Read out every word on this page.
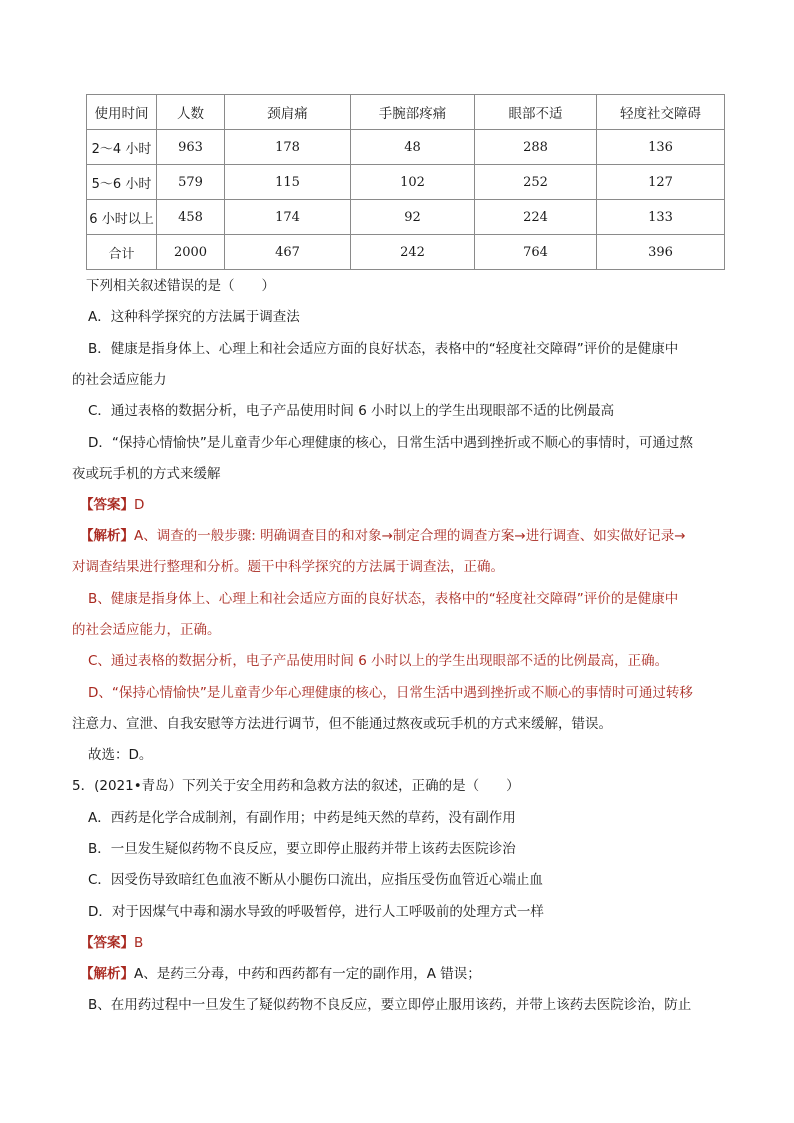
使用时间	人数	颈肩痛	手腕部疼痛	眼部不适	轻度社交障碍
2～4 小时	963	178	48	288	136
5～6 小时	579	115	102	252	127
6 小时以上	458	174	92	224	133
合计	2000	467	242	764	396
下列相关叙述错误的是（　　）
A．这种科学探究的方法属于调查法
B．健康是指身体上、心理上和社会适应方面的良好状态，表格中的“轻度社交障碍”评价的是健康中
的社会适应能力
C．通过表格的数据分析，电子产品使用时间 6 小时以上的学生出现眼部不适的比例最高
D．“保持心情愉快”是儿童青少年心理健康的核心，日常生活中遇到挫折或不顺心的事情时，可通过熬
夜或玩手机的方式来缓解
【答案】D
【解析】A、调查的一般步骤: 明确调查目的和对象→制定合理的调查方案→进行调查、如实做好记录→
对调查结果进行整理和分析。题干中科学探究的方法属于调查法，正确。
B、健康是指身体上、心理上和社会适应方面的良好状态，表格中的“轻度社交障碍”评价的是健康中
的社会适应能力，正确。
C、通过表格的数据分析，电子产品使用时间 6 小时以上的学生出现眼部不适的比例最高，正确。
D、“保持心情愉快”是儿童青少年心理健康的核心，日常生活中遇到挫折或不顺心的事情时可通过转移
注意力、宣泄、自我安慰等方法进行调节，但不能通过熬夜或玩手机的方式来缓解，错误。
故选：D。
5．(2021•青岛）下列关于安全用药和急救方法的叙述，正确的是（　　）
A．西药是化学合成制剂，有副作用；中药是纯天然的草药，没有副作用
B．一旦发生疑似药物不良反应，要立即停止服药并带上该药去医院诊治
C．因受伤导致暗红色血液不断从小腿伤口流出，应指压受伤血管近心端止血
D．对于因煤气中毒和溺水导致的呼吸暂停，进行人工呼吸前的处理方式一样
【答案】B
【解析】A、是药三分毒，中药和西药都有一定的副作用，A 错误；
B、在用药过程中一旦发生了疑似药物不良反应，要立即停止服用该药，并带上该药去医院诊治，防止
